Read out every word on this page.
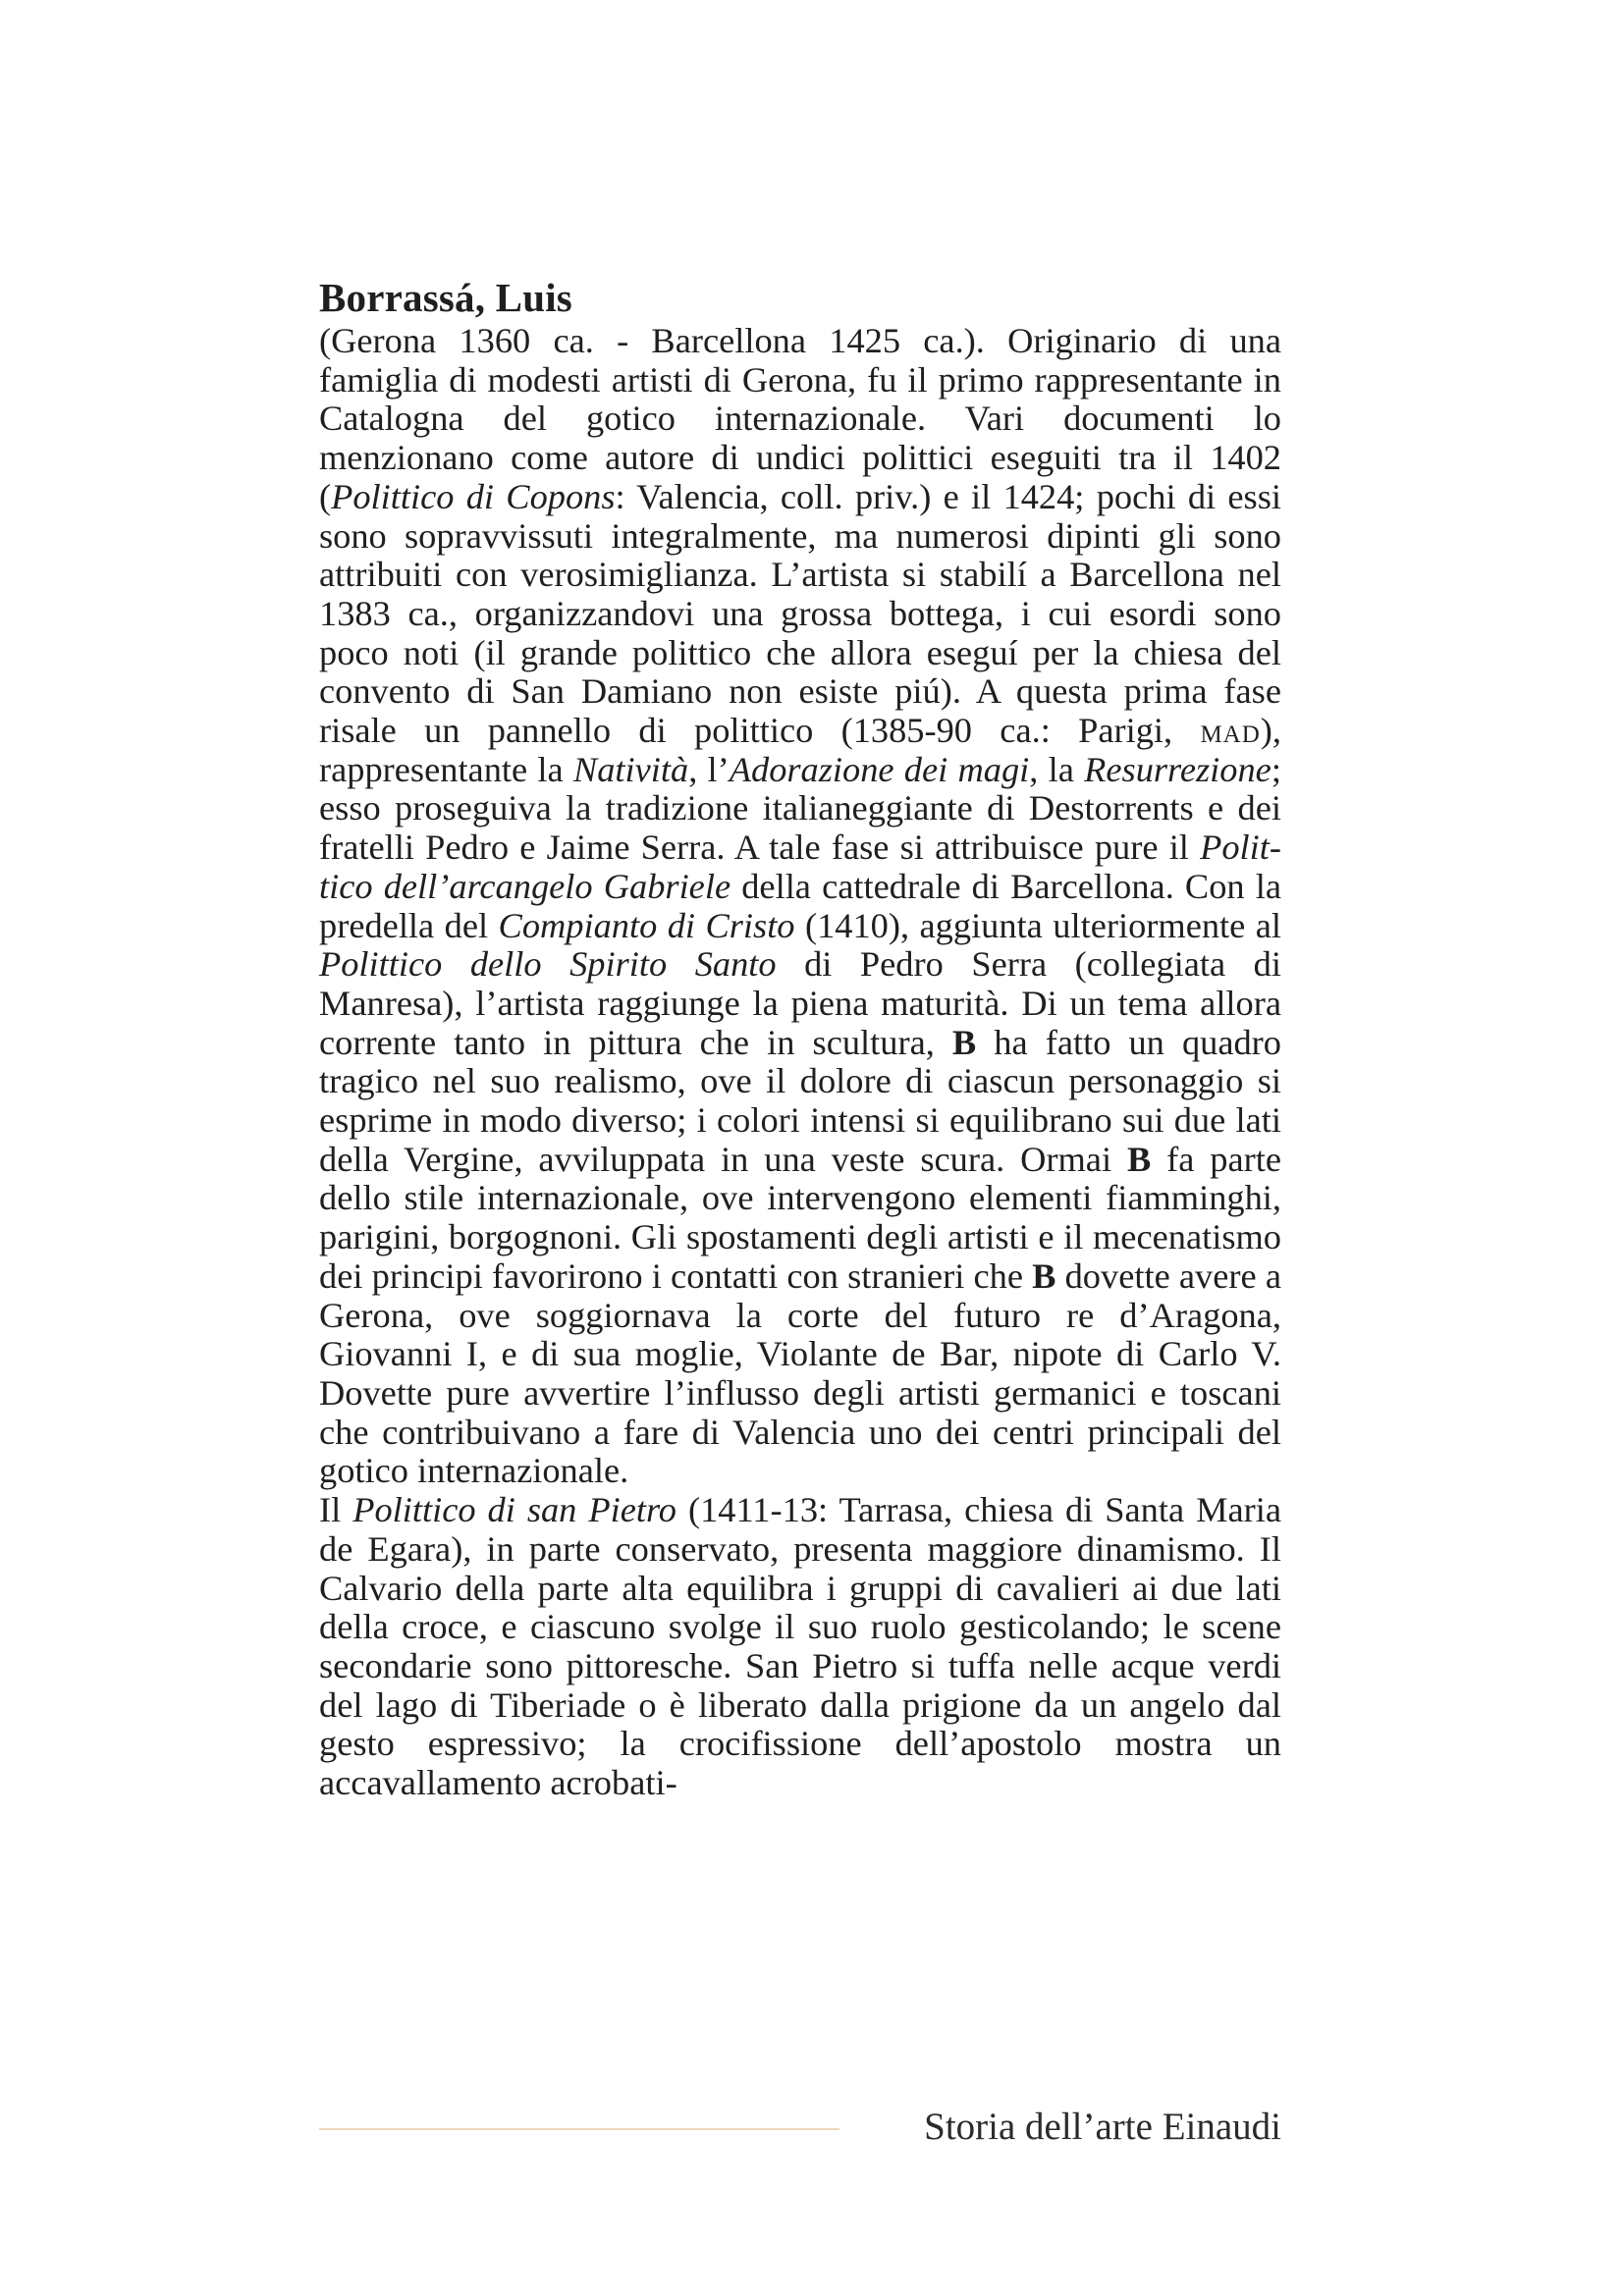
Borrassá, Luis

(Gerona 1360 ca. - Barcellona 1425 ca.). Originario di una famiglia di modesti artisti di Gerona, fu il primo rappresentante in Catalogna del gotico internazionale. Vari documenti lo menzionano come autore di undici polittici eseguiti tra il 1402 (Polittico di Copons: Valencia, coll. priv.) e il 1424; pochi di essi sono sopravvissuti integralmente, ma numerosi dipinti gli sono attribuiti con verosimiglianza. L’artista si stabilí a Barcellona nel 1383 ca., organizzandovi una grossa bottega, i cui esordi sono poco noti (il grande polittico che allora eseguí per la chiesa del convento di San Damiano non esiste piú). A questa prima fase risale un pannello di polittico (1385-90 ca.: Parigi, mad), rappresentante la Natività, l’Adorazione dei magi, la Resurrezione; esso proseguiva la tradizione italianeggiante di Destorrents e dei fratelli Pedro e Jaime Serra. A tale fase si attribuisce pure il Polittico dell’arcangelo Gabriele della cattedrale di Barcellona. Con la predella del Compianto di Cristo (1410), aggiunta ulteriormente al Polittico dello Spirito Santo di Pedro Serra (collegiata di Manresa), l’artista raggiunge la piena maturità. Di un tema allora corrente tanto in pittura che in scultura, B ha fatto un quadro tragico nel suo realismo, ove il dolore di ciascun personaggio si esprime in modo diverso; i colori intensi si equilibrano sui due lati della Vergine, avviluppata in una veste scura. Ormai B fa parte dello stile internazionale, ove intervengono elementi fiamminghi, parigini, borgognoni. Gli spostamenti degli artisti e il mecenatismo dei principi favorirono i contatti con stranieri che B dovette avere a Gerona, ove soggiornava la corte del futuro re d’Aragona, Giovanni I, e di sua moglie, Violante de Bar, nipote di Carlo V. Dovette pure avvertire l’influsso degli artisti germanici e toscani che contribuivano a fare di Valencia uno dei centri principali del gotico internazionale.

Il Polittico di san Pietro (1411-13: Tarrasa, chiesa di Santa Maria de Egara), in parte conservato, presenta maggiore dinamismo. Il Calvario della parte alta equilibra i gruppi di cavalieri ai due lati della croce, e ciascuno svolge il suo ruolo gesticolando; le scene secondarie sono pittoresche. San Pietro si tuffa nelle acque verdi del lago di Tiberiade o è liberato dalla prigione da un angelo dal gesto espressivo; la crocifissione dell’apostolo mostra un accavallamento acrobati-

Storia dell’arte Einaudi
